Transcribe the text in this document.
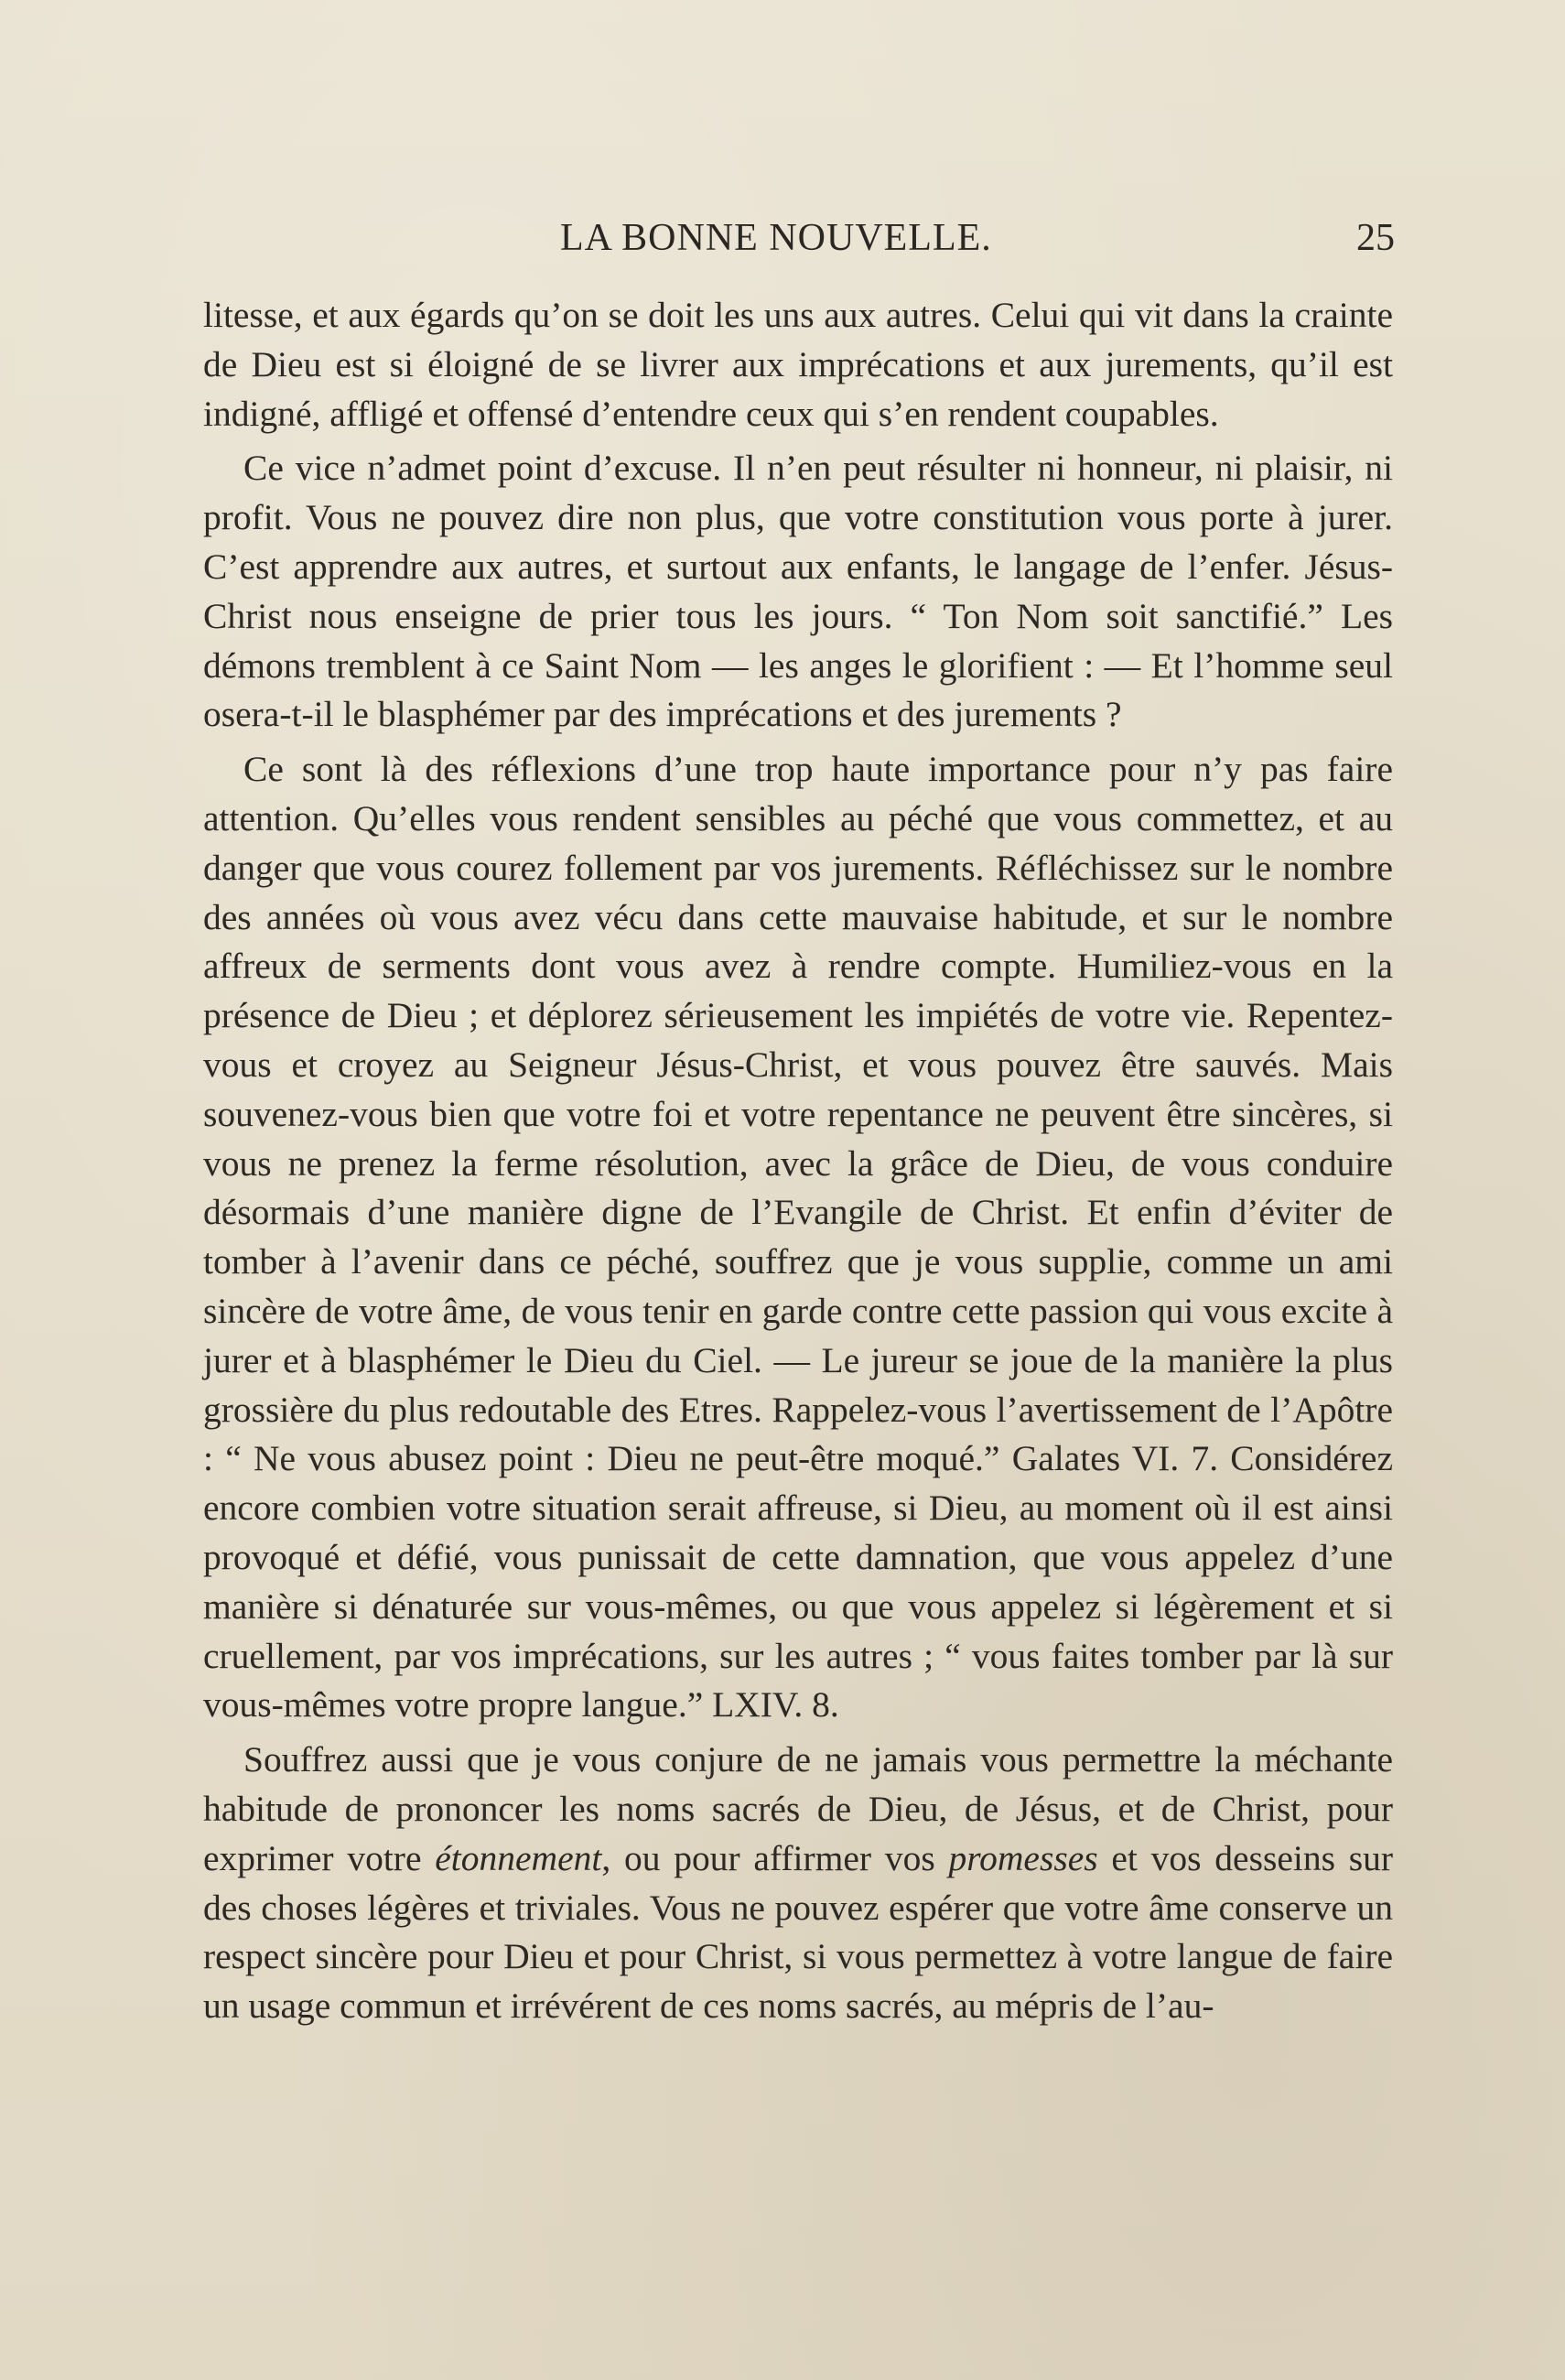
LA BONNE NOUVELLE.	25

litesse, et aux égards qu’on se doit les uns aux autres. Celui qui vit dans la crainte de Dieu est si éloigné de se livrer aux imprécations et aux jurements, qu’il est indigné, affligé et offensé d’entendre ceux qui s’en rendent coupables.

Ce vice n’admet point d’excuse. Il n’en peut résulter ni honneur, ni plaisir, ni profit. Vous ne pouvez dire non plus, que votre constitution vous porte à jurer. C’est apprendre aux autres, et surtout aux enfants, le langage de l’enfer. Jésus-Christ nous enseigne de prier tous les jours. “ Ton Nom soit sanctifié.” Les démons tremblent à ce Saint Nom — les anges le glorifient : — Et l’homme seul osera-t-il le blasphémer par des imprécations et des jurements ?

Ce sont là des réflexions d’une trop haute importance pour n’y pas faire attention. Qu’elles vous rendent sensibles au péché que vous commettez, et au danger que vous courez follement par vos jurements. Réfléchissez sur le nombre des années où vous avez vécu dans cette mauvaise habitude, et sur le nombre affreux de serments dont vous avez à rendre compte. Humiliez-vous en la présence de Dieu ; et déplorez sérieusement les impiétés de votre vie. Repentez-vous et croyez au Seigneur Jésus-Christ, et vous pouvez être sauvés. Mais souvenez-vous bien que votre foi et votre repentance ne peuvent être sincères, si vous ne prenez la ferme résolution, avec la grâce de Dieu, de vous conduire désormais d’une manière digne de l’Evangile de Christ. Et enfin d’éviter de tomber à l’avenir dans ce péché, souffrez que je vous supplie, comme un ami sincère de votre âme, de vous tenir en garde contre cette passion qui vous excite à jurer et à blasphémer le Dieu du Ciel. — Le jureur se joue de la manière la plus grossière du plus redoutable des Etres. Rappelez-vous l’avertissement de l’Apôtre : “ Ne vous abusez point : Dieu ne peut-être moqué.” Galates VI. 7. Considérez encore combien votre situation serait affreuse, si Dieu, au moment où il est ainsi provoqué et défié, vous punissait de cette damnation, que vous appelez d’une manière si dénaturée sur vous-mêmes, ou que vous appelez si légèrement et si cruellement, par vos imprécations, sur les autres ; “ vous faites tomber par là sur vous-mêmes votre propre langue.” LXIV. 8.

Souffrez aussi que je vous conjure de ne jamais vous permettre la méchante habitude de prononcer les noms sacrés de Dieu, de Jésus, et de Christ, pour exprimer votre étonnement, ou pour affirmer vos promesses et vos desseins sur des choses légères et triviales. Vous ne pouvez espérer que votre âme conserve un respect sincère pour Dieu et pour Christ, si vous permettez à votre langue de faire un usage commun et irrévérent de ces noms sacrés, au mépris de l’au-
